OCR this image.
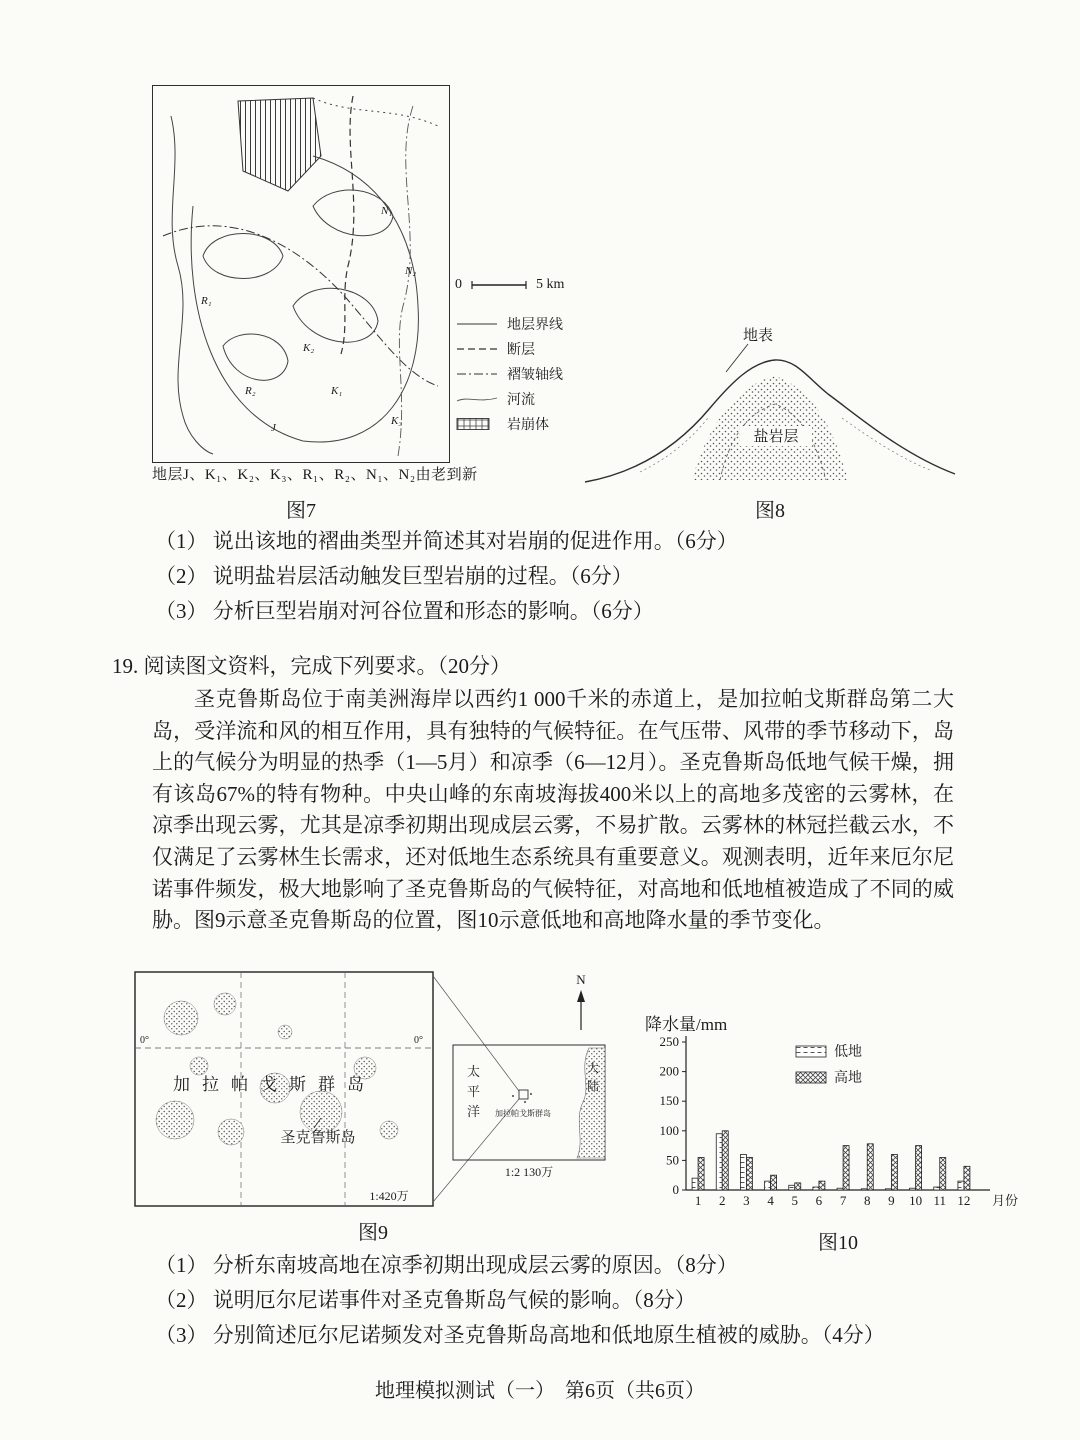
J
K₁
K₂
K₃
R₁
R₂
N₁
N₂
0	5 km
地层界线
断层
褶皱轴线
河流
岩崩体
地层J、K₁、K₂、K₃、R₁、R₂、N₁、N₂由老到新
图7
地表
盐岩层
图8
（1） 说出该地的褶曲类型并简述其对岩崩的促进作用。（6分）
（2） 说明盐岩层活动触发巨型岩崩的过程。（6分）
（3） 分析巨型岩崩对河谷位置和形态的影响。（6分）
19. 阅读图文资料，完成下列要求。（20分）
圣克鲁斯岛位于南美洲海岸以西约1 000千米的赤道上，是加拉帕戈斯群岛第二大岛，受洋流和风的相互作用，具有独特的气候特征。在气压带、风带的季节移动下，岛上的气候分为明显的热季（1—5月）和凉季（6—12月）。圣克鲁斯岛低地气候干燥，拥有该岛67%的特有物种。中央山峰的东南坡海拔400米以上的高地多茂密的云雾林，在凉季出现云雾，尤其是凉季初期出现成层云雾，不易扩散。云雾林的林冠拦截云水，不仅满足了云雾林生长需求，还对低地生态系统具有重要意义。观测表明，近年来厄尔尼诺事件频发，极大地影响了圣克鲁斯岛的气候特征，对高地和低地植被造成了不同的威胁。图9示意圣克鲁斯岛的位置，图10示意低地和高地降水量的季节变化。
0°	0°
加拉帕戈斯群岛
圣克鲁斯岛
1:420万
太
平
洋
大
陆
加拉帕戈斯群岛
1:2 130万
N
图9
降水量/mm
0
50
100
150
200
250
1 2 3 4 5 6 7 8 9 10 11 12 月份
低地
高地
图10
（1） 分析东南坡高地在凉季初期出现成层云雾的原因。（8分）
（2） 说明厄尔尼诺事件对圣克鲁斯岛气候的影响。（8分）
（3） 分别简述厄尔尼诺频发对圣克鲁斯岛高地和低地原生植被的威胁。（4分）
地理模拟测试（一）　第6页（共6页）
